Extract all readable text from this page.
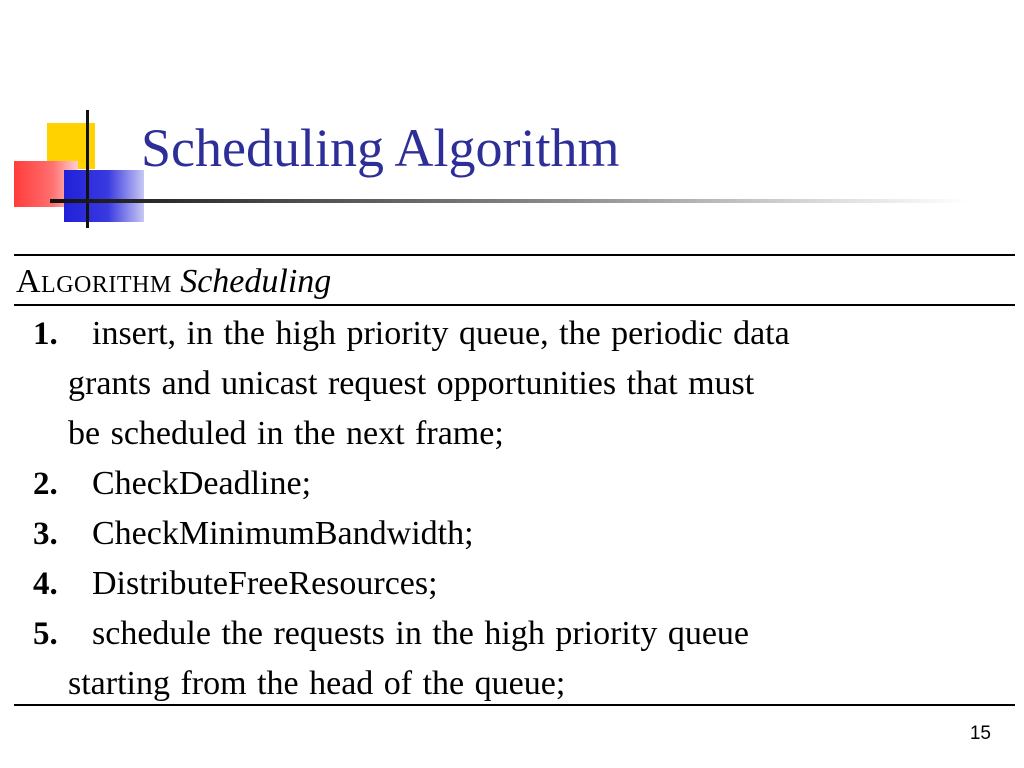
Scheduling Algorithm
Algorithm Scheduling
1. insert, in the high priority queue, the periodic data
grants and unicast request opportunities that must
be scheduled in the next frame;
2. CheckDeadline;
3. CheckMinimumBandwidth;
4. DistributeFreeResources;
5. schedule the requests in the high priority queue
starting from the head of the queue;
15
